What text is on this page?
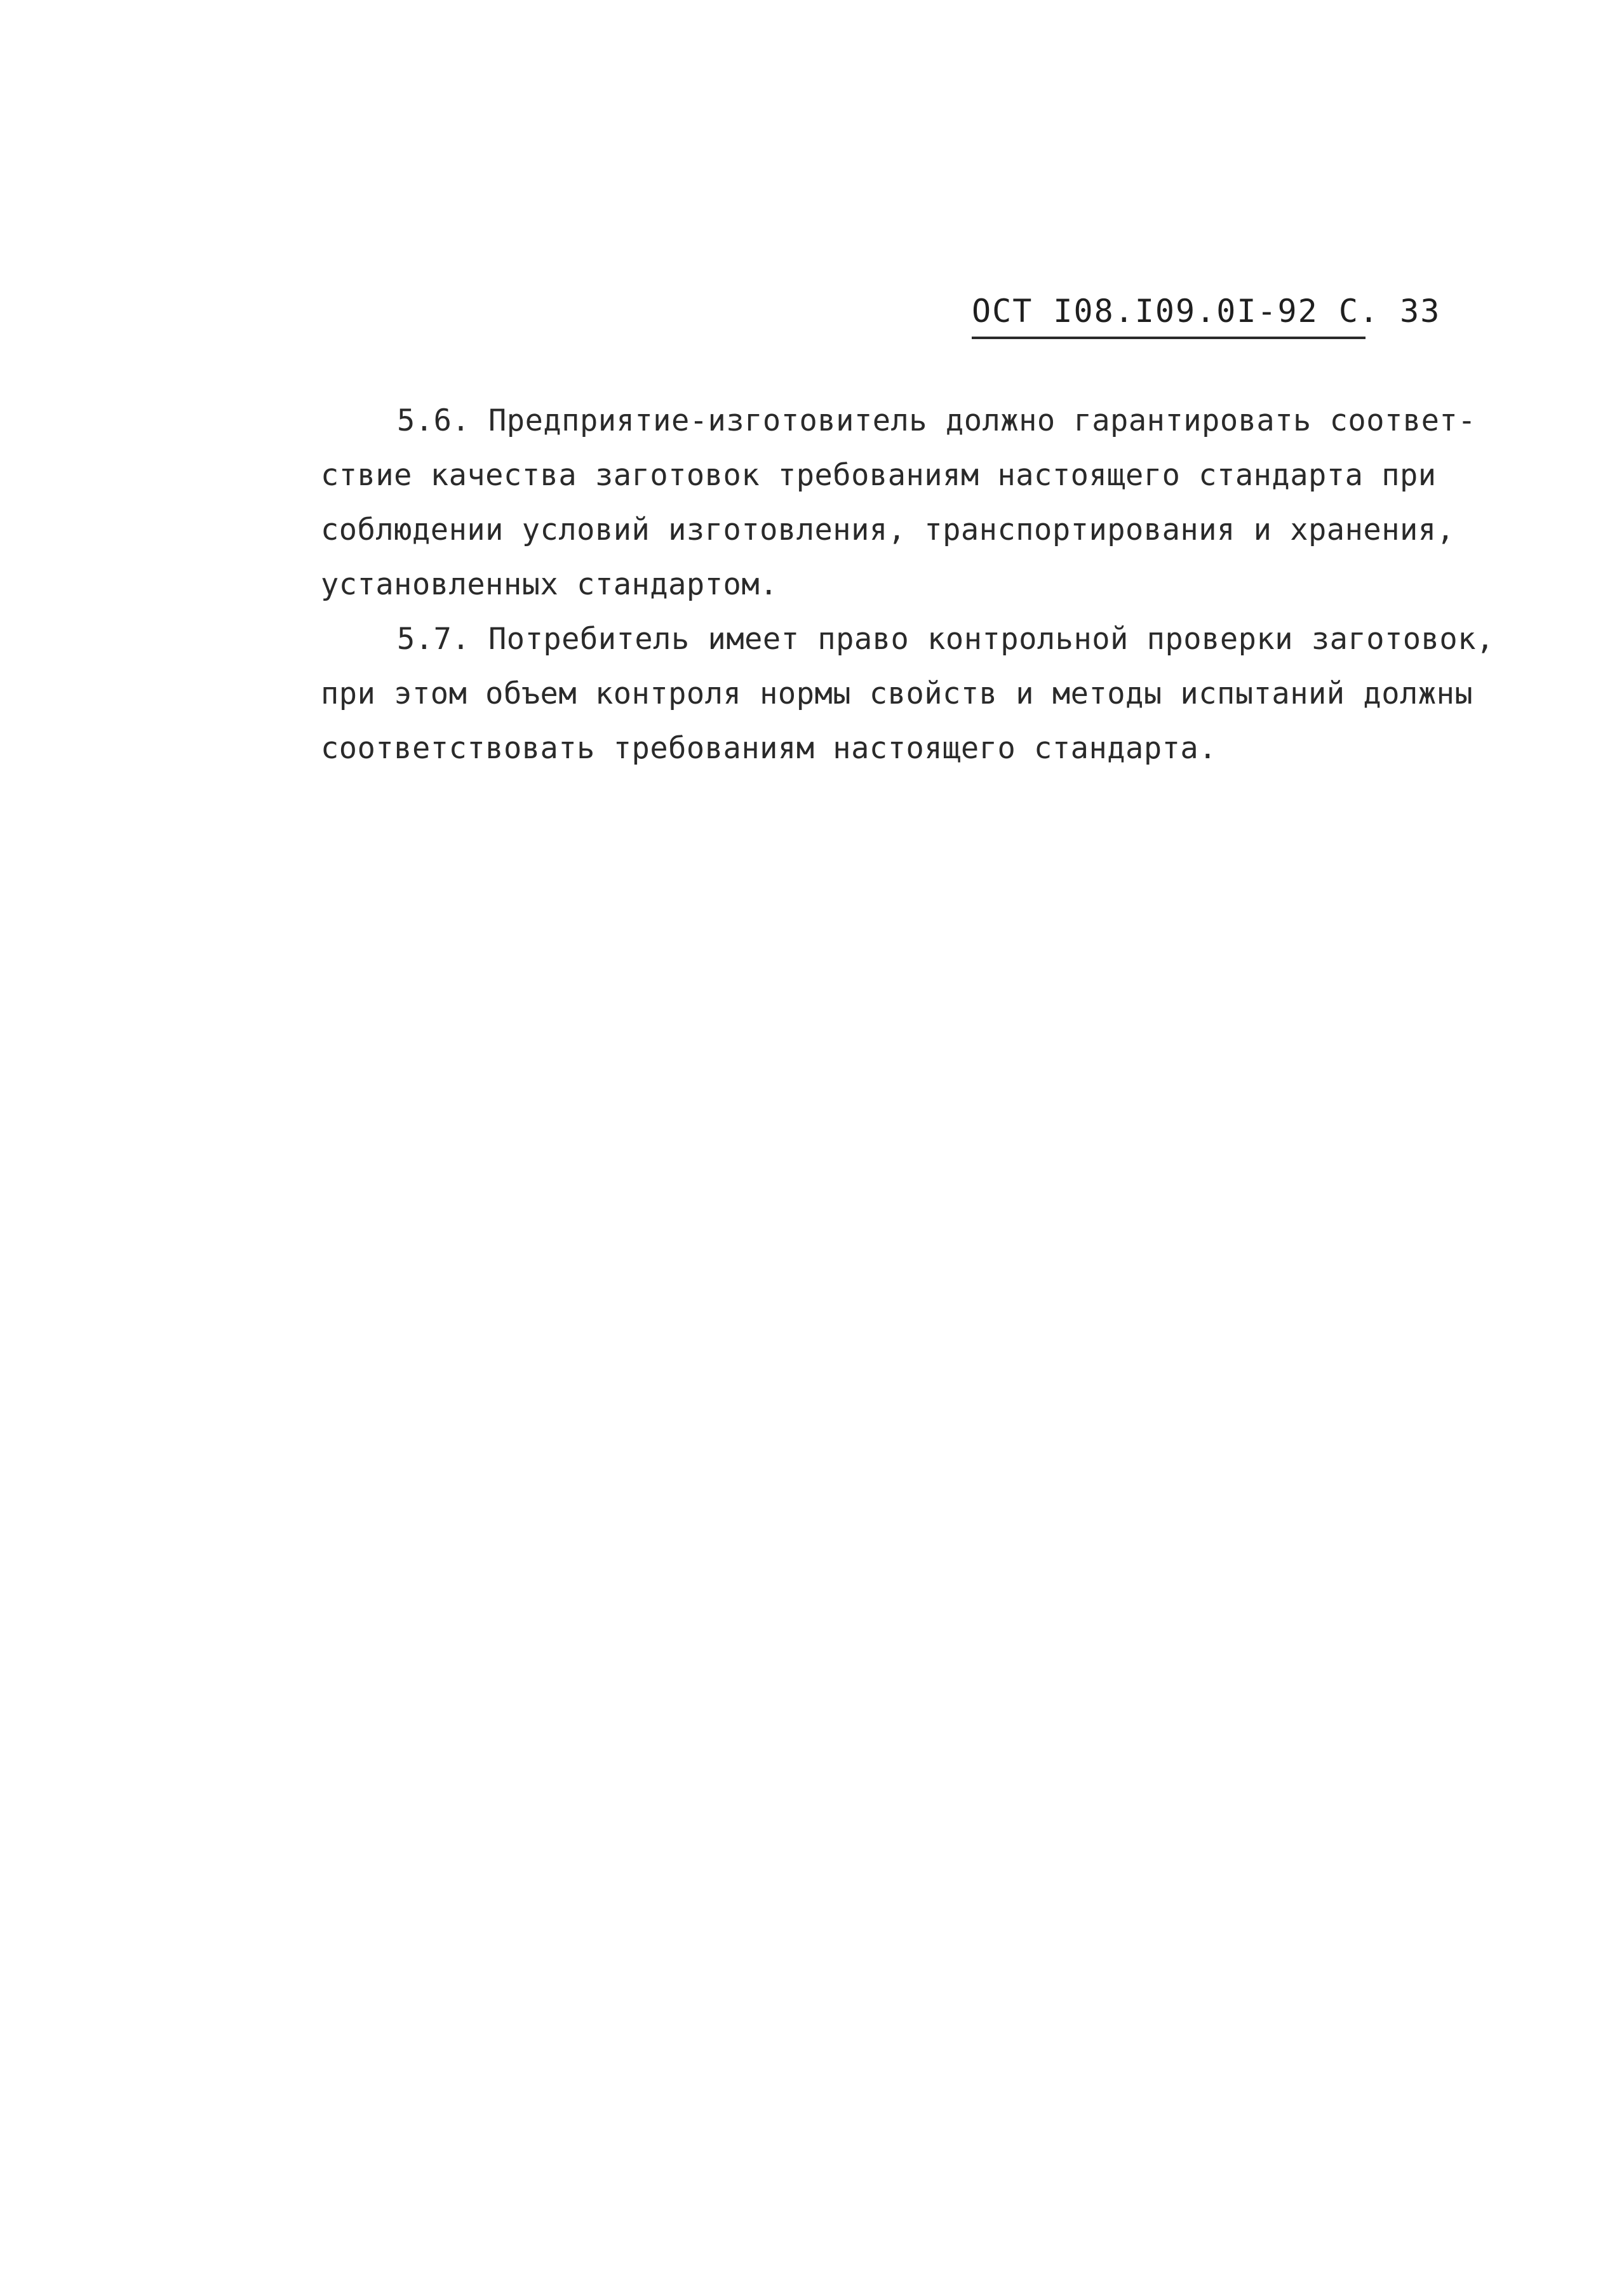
ОСТ I08.I09.0I-92 С. 33
5.6. Предприятие-изготовитель должно гарантировать соответ-
ствие качества заготовок требованиям настоящего стандарта при
соблюдении условий изготовления, транспортирования и хранения,
установленных стандартом.
5.7. Потребитель имеет право контрольной проверки заготовок,
при этом объем контроля нормы свойств и методы испытаний должны
соответствовать требованиям настоящего стандарта.
